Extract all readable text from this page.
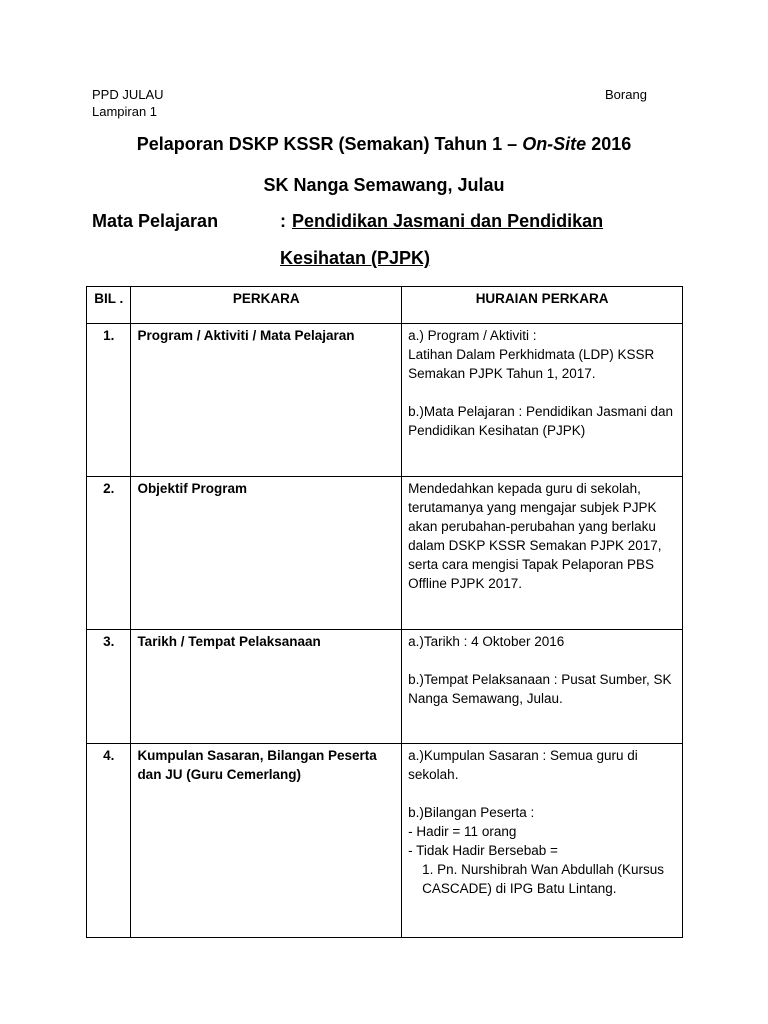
PPD JULAU
Lampiran 1
Borang
Pelaporan DSKP KSSR (Semakan) Tahun 1 – On-Site 2016
SK Nanga Semawang, Julau
Mata Pelajaran	: Pendidikan Jasmani dan Pendidikan
Kesihatan (PJPK)
BIL .	PERKARA	HURAIAN PERKARA
1.	Program / Aktiviti / Mata Pelajaran	a.) Program / Aktiviti :

Latihan Dalam Perkhidmata (LDP) KSSR Semakan PJPK Tahun 1, 2017.

b.)Mata Pelajaran : Pendidikan Jasmani dan Pendidikan Kesihatan (PJPK)

2.	Objektif Program	Mendedahkan kepada guru di sekolah, terutamanya yang mengajar subjek PJPK akan perubahan-perubahan yang berlaku dalam DSKP KSSR Semakan PJPK 2017, serta cara mengisi Tapak Pelaporan PBS Offline PJPK 2017.

3.	Tarikh / Tempat Pelaksanaan	a.)Tarikh : 4 Oktober 2016

b.)Tempat Pelaksanaan : Pusat Sumber, SK Nanga Semawang, Julau.

4.	Kumpulan Sasaran, Bilangan Peserta dan JU (Guru Cemerlang)	a.)Kumpulan Sasaran : Semua guru di sekolah.

b.)Bilangan Peserta :

- Hadir = 11 orang

- Tidak Hadir Bersebab =

1. Pn. Nurshibrah Wan Abdullah (Kursus CASCADE) di IPG Batu Lintang.
